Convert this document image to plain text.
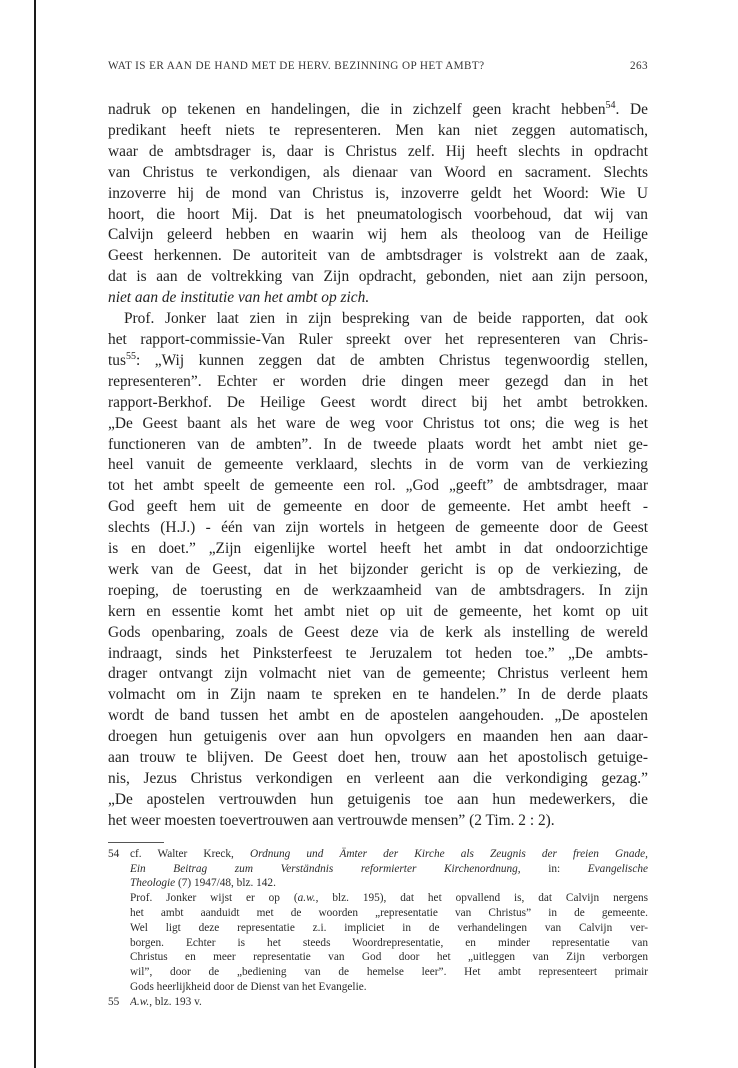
WAT IS ER AAN DE HAND MET DE HERV. BEZINNING OP HET AMBT?	263

nadruk op tekenen en handelingen, die in zichzelf geen kracht hebben$^{54}$. De
predikant heeft niets te representeren. Men kan niet zeggen automatisch,
waar de ambtsdrager is, daar is Christus zelf. Hij heeft slechts in opdracht
van Christus te verkondigen, als dienaar van Woord en sacrament. Slechts
inzoverre hij de mond van Christus is, inzoverre geldt het Woord: Wie U
hoort, die hoort Mij. Dat is het pneumatologisch voorbehoud, dat wij van
Calvijn geleerd hebben en waarin wij hem als theoloog van de Heilige
Geest herkennen. De autoriteit van de ambtsdrager is volstrekt aan de zaak,
dat is aan de voltrekking van Zijn opdracht, gebonden, niet aan zijn persoon,
niet aan de institutie van het ambt op zich.

Prof. Jonker laat zien in zijn bespreking van de beide rapporten, dat ook
het rapport-commissie-Van Ruler spreekt over het representeren van Chris-
tus$^{55}$: „Wij kunnen zeggen dat de ambten Christus tegenwoordig stellen,
representeren”. Echter er worden drie dingen meer gezegd dan in het
rapport-Berkhof. De Heilige Geest wordt direct bij het ambt betrokken.
„De Geest baant als het ware de weg voor Christus tot ons; die weg is het
functioneren van de ambten”. In de tweede plaats wordt het ambt niet ge-
heel vanuit de gemeente verklaard, slechts in de vorm van de verkiezing
tot het ambt speelt de gemeente een rol. „God „geeft” de ambtsdrager, maar
God geeft hem uit de gemeente en door de gemeente. Het ambt heeft -
slechts (H.J.) - één van zijn wortels in hetgeen de gemeente door de Geest
is en doet.” „Zijn eigenlijke wortel heeft het ambt in dat ondoorzichtige
werk van de Geest, dat in het bijzonder gericht is op de verkiezing, de
roeping, de toerusting en de werkzaamheid van de ambtsdragers. In zijn
kern en essentie komt het ambt niet op uit de gemeente, het komt op uit
Gods openbaring, zoals de Geest deze via de kerk als instelling de wereld
indraagt, sinds het Pinksterfeest te Jeruzalem tot heden toe.” „De ambts-
drager ontvangt zijn volmacht niet van de gemeente; Christus verleent hem
volmacht om in Zijn naam te spreken en te handelen.” In de derde plaats
wordt de band tussen het ambt en de apostelen aangehouden. „De apostelen
droegen hun getuigenis over aan hun opvolgers en maanden hen aan daar-
aan trouw te blijven. De Geest doet hen, trouw aan het apostolisch getuige-
nis, Jezus Christus verkondigen en verleent aan die verkondiging gezag.”
„De apostelen vertrouwden hun getuigenis toe aan hun medewerkers, die
het weer moesten toevertrouwen aan vertrouwde mensen” (2 Tim. 2 : 2).

54 cf. Walter Kreck, Ordnung und Ämter der Kirche als Zeugnis der freien Gnade,
Ein Beitrag zum Verständnis reformierter Kirchenordnung, in: Evangelische
Theologie (7) 1947/48, blz. 142.
Prof. Jonker wijst er op (a.w., blz. 195), dat het opvallend is, dat Calvijn nergens
het ambt aanduidt met de woorden „representatie van Christus” in de gemeente.
Wel ligt deze representatie z.i. impliciet in de verhandelingen van Calvijn ver-
borgen. Echter is het steeds Woordrepresentatie, en minder representatie van
Christus en meer representatie van God door het „uitleggen van Zijn verborgen
wil”, door de „bediening van de hemelse leer”. Het ambt representeert primair
Gods heerlijkheid door de Dienst van het Evangelie.
55 A.w., blz. 193 v.
